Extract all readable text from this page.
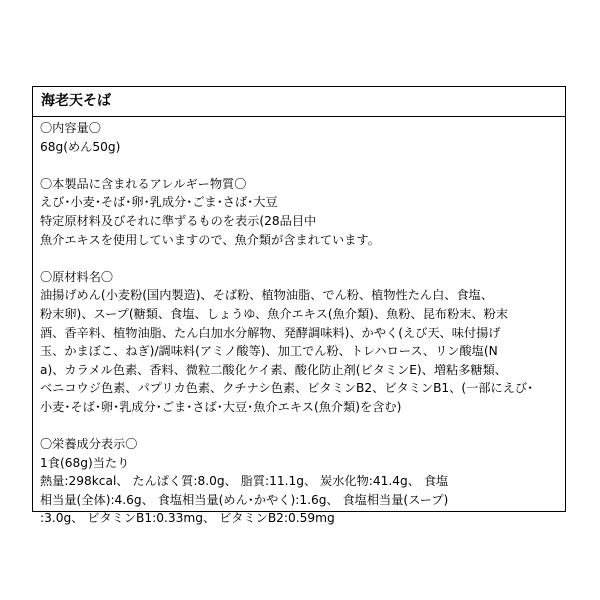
海老天そば
〇内容量〇
68g(めん50g)
〇本製品に含まれるアレルギー物質〇
えび･小麦･そば･卵･乳成分･ごま･さば･大豆
特定原材料及びそれに準ずるものを表示(28品目中
魚介エキスを使用していますので、魚介類が含まれています。
〇原材料名〇
油揚げめん(小麦粉(国内製造)、そば粉、植物油脂、でん粉、植物性たん白、食塩、
粉末卵)、スープ(糖類、食塩、しょうゆ、魚介エキス(魚介類)、魚粉、昆布粉末、粉末
酒、香辛料、植物油脂、たん白加水分解物、発酵調味料)、かやく(えび天、味付揚げ
玉、かまぼこ、ねぎ)/調味料(アミノ酸等)、加工でん粉、トレハロース、リン酸塩(N
a)、カラメル色素、香料、微粒二酸化ケイ素、酸化防止剤(ビタミンE)、増粘多糖類、
ベニコウジ色素、パプリカ色素、クチナシ色素、ビタミンB2、ビタミンB1、(一部にえび･
小麦･そば･卵･乳成分･ごま･さば･大豆･魚介エキス(魚介類)を含む)
〇栄養成分表示〇
1食(68g)当たり
熱量:298kcal、 たんぱく質:8.0g、 脂質:11.1g、 炭水化物:41.4g、 食塩
相当量(全体):4.6g、 食塩相当量(めん･かやく):1.6g、 食塩相当量(スープ)
:3.0g、 ビタミンB1:0.33mg、 ビタミンB2:0.59mg
